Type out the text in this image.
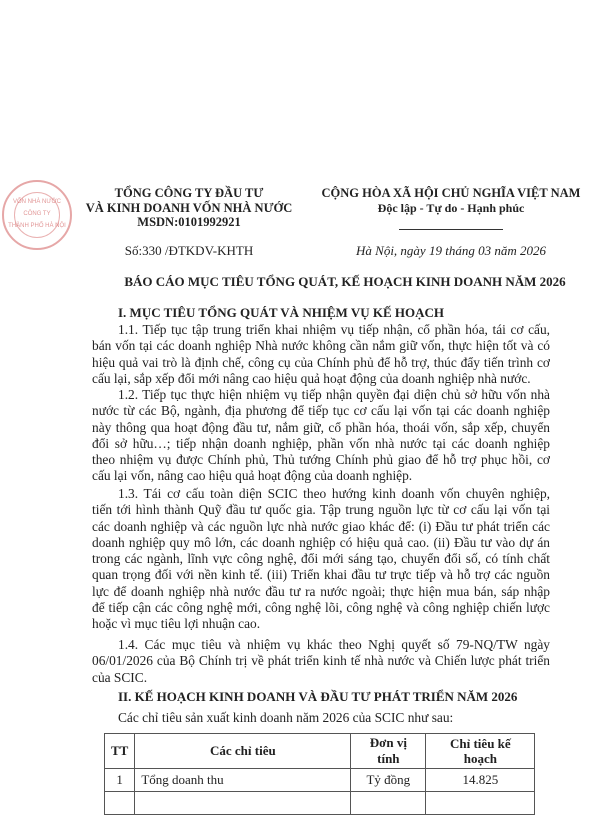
VỐN NHÀ NƯỚC
CÔNG TY
THÀNH PHỐ HÀ NỘI
TỔNG CÔNG TY ĐẦU TƯ
VÀ KINH DOANH VỐN NHÀ NƯỚC
MSDN:0101992921
Số:330 /ĐTKDV-KHTH
CỘNG HÒA XÃ HỘI CHỦ NGHĨA VIỆT NAM
Độc lập - Tự do - Hạnh phúc
Hà Nội, ngày 19 tháng 03 năm 2026
BÁO CÁO MỤC TIÊU TỔNG QUÁT, KẾ HOẠCH KINH DOANH NĂM 2026
I. MỤC TIÊU TỔNG QUÁT VÀ NHIỆM VỤ KẾ HOẠCH
1.1. Tiếp tục tập trung triển khai nhiệm vụ tiếp nhận, cổ phần hóa, tái cơ cấu,
bán vốn tại các doanh nghiệp Nhà nước không cần nắm giữ vốn, thực hiện tốt và có
hiệu quả vai trò là định chế, công cụ của Chính phủ để hỗ trợ, thúc đẩy tiến trình cơ
cấu lại, sắp xếp đổi mới nâng cao hiệu quả hoạt động của doanh nghiệp nhà nước.
1.2. Tiếp tục thực hiện nhiệm vụ tiếp nhận quyền đại diện chủ sở hữu vốn nhà
nước từ các Bộ, ngành, địa phương để tiếp tục cơ cấu lại vốn tại các doanh nghiệp
này thông qua hoạt động đầu tư, nắm giữ, cổ phần hóa, thoái vốn, sắp xếp, chuyển
đổi sở hữu…; tiếp nhận doanh nghiệp, phần vốn nhà nước tại các doanh nghiệp
theo nhiệm vụ được Chính phủ, Thủ tướng Chính phủ giao để hỗ trợ phục hồi, cơ
cấu lại vốn, nâng cao hiệu quả hoạt động của doanh nghiệp.
1.3. Tái cơ cấu toàn diện SCIC theo hướng kinh doanh vốn chuyên nghiệp,
tiến tới hình thành Quỹ đầu tư quốc gia. Tập trung nguồn lực từ cơ cấu lại vốn tại
các doanh nghiệp và các nguồn lực nhà nước giao khác để: (i) Đầu tư phát triển các
doanh nghiệp quy mô lớn, các doanh nghiệp có hiệu quả cao. (ii) Đầu tư vào dự án
trong các ngành, lĩnh vực công nghệ, đổi mới sáng tạo, chuyển đổi số, có tính chất
quan trọng đối với nền kinh tế. (iii) Triển khai đầu tư trực tiếp và hỗ trợ các nguồn
lực để doanh nghiệp nhà nước đầu tư ra nước ngoài; thực hiện mua bán, sáp nhập
để tiếp cận các công nghệ mới, công nghệ lõi, công nghệ và công nghiệp chiến lược
hoặc vì mục tiêu lợi nhuận cao.
1.4. Các mục tiêu và nhiệm vụ khác theo Nghị quyết số 79-NQ/TW ngày
06/01/2026 của Bộ Chính trị về phát triển kinh tế nhà nước và Chiến lược phát triển
của SCIC.
II. KẾ HOẠCH KINH DOANH VÀ ĐẦU TƯ PHÁT TRIỂN NĂM 2026
Các chỉ tiêu sản xuất kinh doanh năm 2026 của SCIC như sau:
TT	Các chỉ tiêu	Đơn vị tính	Chỉ tiêu kế hoạch
1	Tổng doanh thu	Tỷ đồng	14.825
